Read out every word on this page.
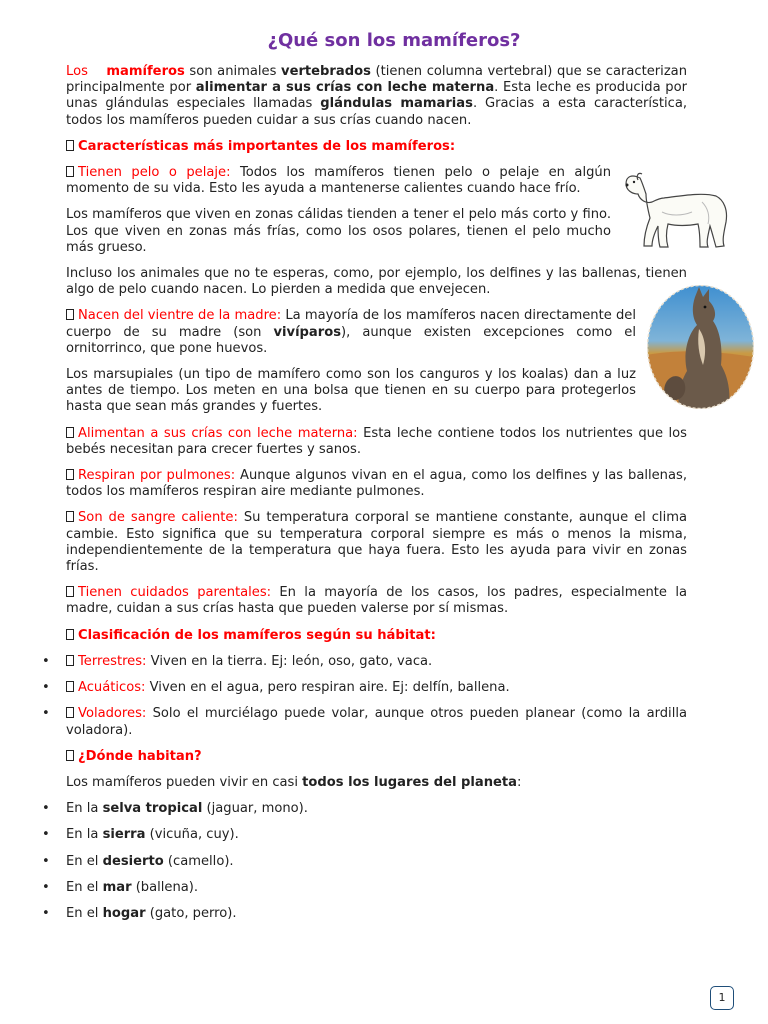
¿Qué son los mamíferos?

Los mamíferos son animales vertebrados (tienen columna vertebral) que se caracterizan principalmente por alimentar a sus crías con leche materna. Esta leche es producida por unas glándulas especiales llamadas glándulas mamarias. Gracias a esta característica, todos los mamíferos pueden cuidar a sus crías cuando nacen.

Características más importantes de los mamíferos:

Tienen pelo o pelaje: Todos los mamíferos tienen pelo o pelaje en algún momento de su vida. Esto les ayuda a mantenerse calientes cuando hace frío.

Los mamíferos que viven en zonas cálidas tienden a tener el pelo más corto y fino. Los que viven en zonas más frías, como los osos polares, tienen el pelo mucho más grueso.

Incluso los animales que no te esperas, como, por ejemplo, los delfines y las ballenas, tienen algo de pelo cuando nacen. Lo pierden a medida que envejecen.

Nacen del vientre de la madre: La mayoría de los mamíferos nacen directamente del cuerpo de su madre (son vivíparos), aunque existen excepciones como el ornitorrinco, que pone huevos.

Los marsupiales (un tipo de mamífero como son los canguros y los koalas) dan a luz antes de tiempo. Los meten en una bolsa que tienen en su cuerpo para protegerlos hasta que sean más grandes y fuertes.

Alimentan a sus crías con leche materna: Esta leche contiene todos los nutrientes que los bebés necesitan para crecer fuertes y sanos.

Respiran por pulmones: Aunque algunos vivan en el agua, como los delfines y las ballenas, todos los mamíferos respiran aire mediante pulmones.

Son de sangre caliente: Su temperatura corporal se mantiene constante, aunque el clima cambie. Esto significa que su temperatura corporal siempre es más o menos la misma, independientemente de la temperatura que haya fuera. Esto les ayuda para vivir en zonas frías.

Tienen cuidados parentales: En la mayoría de los casos, los padres, especialmente la madre, cuidan a sus crías hasta que pueden valerse por sí mismas.

Clasificación de los mamíferos según su hábitat:

• Terrestres: Viven en la tierra. Ej: león, oso, gato, vaca.
• Acuáticos: Viven en el agua, pero respiran aire. Ej: delfín, ballena.
• Voladores: Solo el murciélago puede volar, aunque otros pueden planear (como la ardilla voladora).

¿Dónde habitan?

Los mamíferos pueden vivir en casi todos los lugares del planeta:

• En la selva tropical (jaguar, mono).
• En la sierra (vicuña, cuy).
• En el desierto (camello).
• En el mar (ballena).
• En el hogar (gato, perro).
1
